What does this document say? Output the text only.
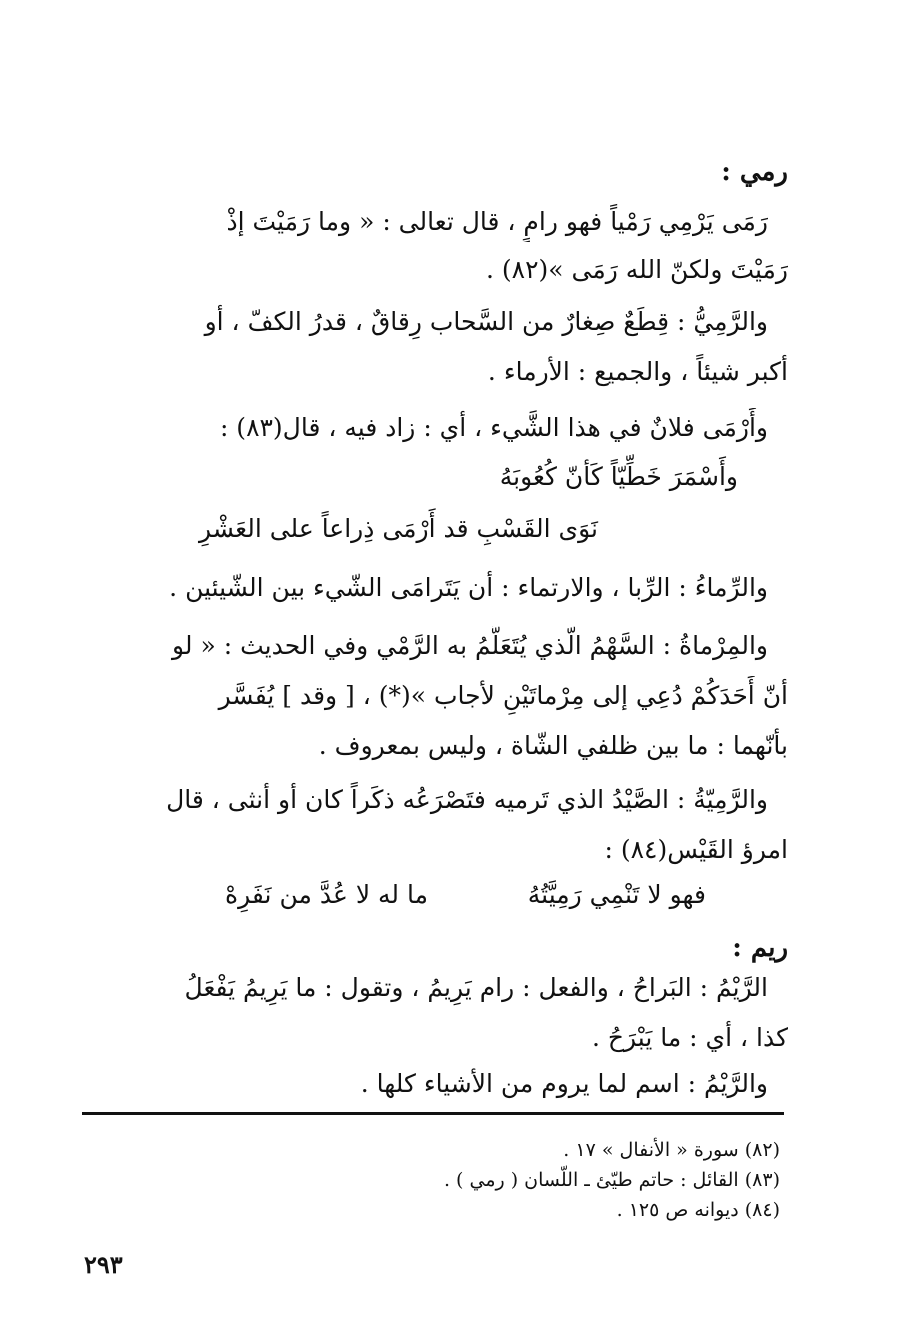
رمي :
رَمَى يَرْمِي رَمْياً فهو رامٍ ، قال تعالى : « وما رَمَيْتَ إذْ
رَمَيْتَ ولكنّ الله رَمَى »(٨٢) .
والرَّمِيُّ : قِطَعٌ صِغارٌ من السَّحاب رِقاقٌ ، قدرُ الكفّ ، أو
أكبر شيئاً ، والجميع : الأرماء .
وأَرْمَى فلانٌ في هذا الشَّيء ، أي : زاد فيه ، قال(٨٣) :
وأَسْمَرَ خَطِّيّاً كَأنّ كُعُوبَهُ
نَوَى القَسْبِ قد أَرْمَى ذِراعاً على العَشْرِ
والرِّماءُ : الرِّبا ، والارتماء : أن يَتَرامَى الشّيء بين الشّيئين .
والمِرْماةُ : السَّهْمُ الّذي يُتَعَلَّمُ به الرَّمْي وفي الحديث : « لو
أنّ أَحَدَكُمْ دُعِي إلى مِرْماتَيْنِ لأجاب »(*) ، [ وقد ] يُفَسَّر
بأنّهما : ما بين ظلفي الشّاة ، وليس بمعروف .
والرَّمِيّةُ : الصَّيْدُ الذي تَرميه فتَصْرَعُه ذكَراً كان أو أنثى ، قال
امرؤ القَيْس(٨٤) :
فهو لا تَنْمِي رَمِيَّتُهُ
ما له لا عُدَّ من نَفَرِهْ
ريم :
الرَّيْمُ : البَراحُ ، والفعل : رام يَرِيمُ ، وتقول : ما يَرِيمُ يَفْعَلُ
كذا ، أي : ما يَبْرَحُ .
والرَّيْمُ : اسم لما يروم من الأشياء كلها .
(٨٢) سورة « الأنفال » ١٧ .
(٨٣) القائل : حاتم طيّئ ـ اللّسان ( رمي ) .
(٨٤) ديوانه ص ١٢٥ .
٢٩٣
